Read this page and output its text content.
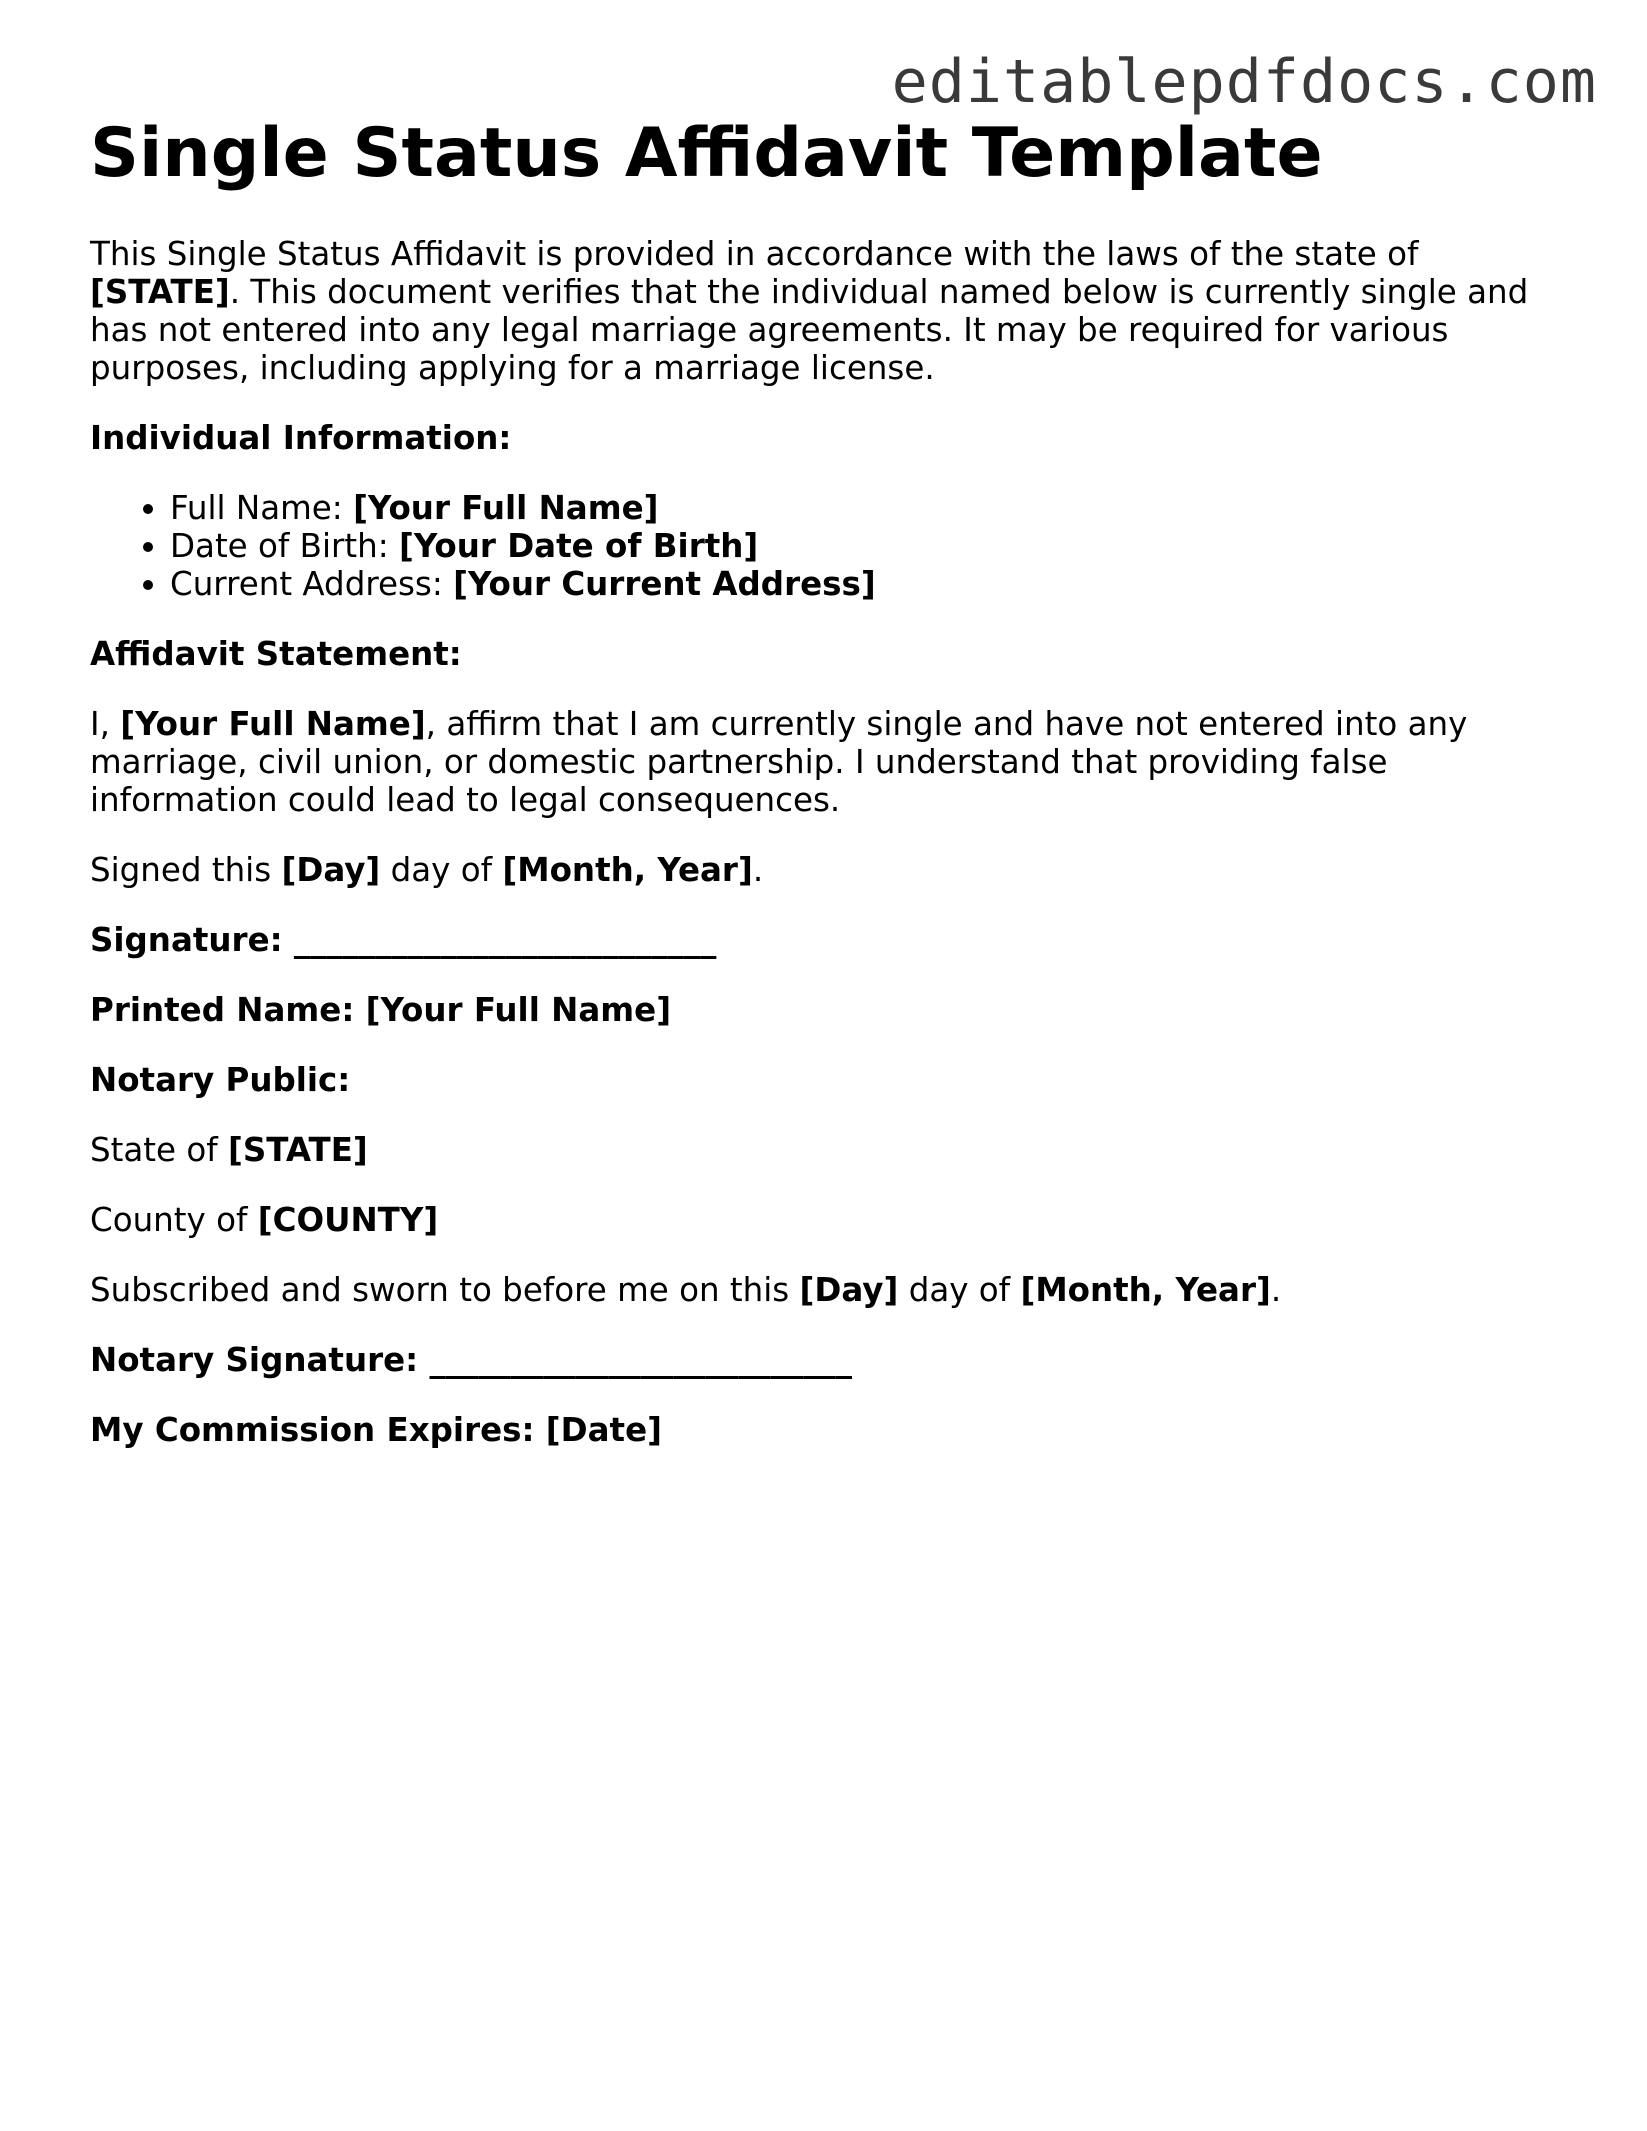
editablepdfdocs.com
Single Status Affidavit Template

This Single Status Affidavit is provided in accordance with the laws of the state of [STATE]. This document verifies that the individual named below is currently single and has not entered into any legal marriage agreements. It may be required for various purposes, including applying for a marriage license.

Individual Information:

• Full Name: [Your Full Name]
• Date of Birth: [Your Date of Birth]
• Current Address: [Your Current Address]

Affidavit Statement:

I, [Your Full Name], affirm that I am currently single and have not entered into any marriage, civil union, or domestic partnership. I understand that providing false information could lead to legal consequences.

Signed this [Day] day of [Month, Year].

Signature: __________________________

Printed Name: [Your Full Name]

Notary Public:

State of [STATE]

County of [COUNTY]

Subscribed and sworn to before me on this [Day] day of [Month, Year].

Notary Signature: __________________________

My Commission Expires: [Date]
